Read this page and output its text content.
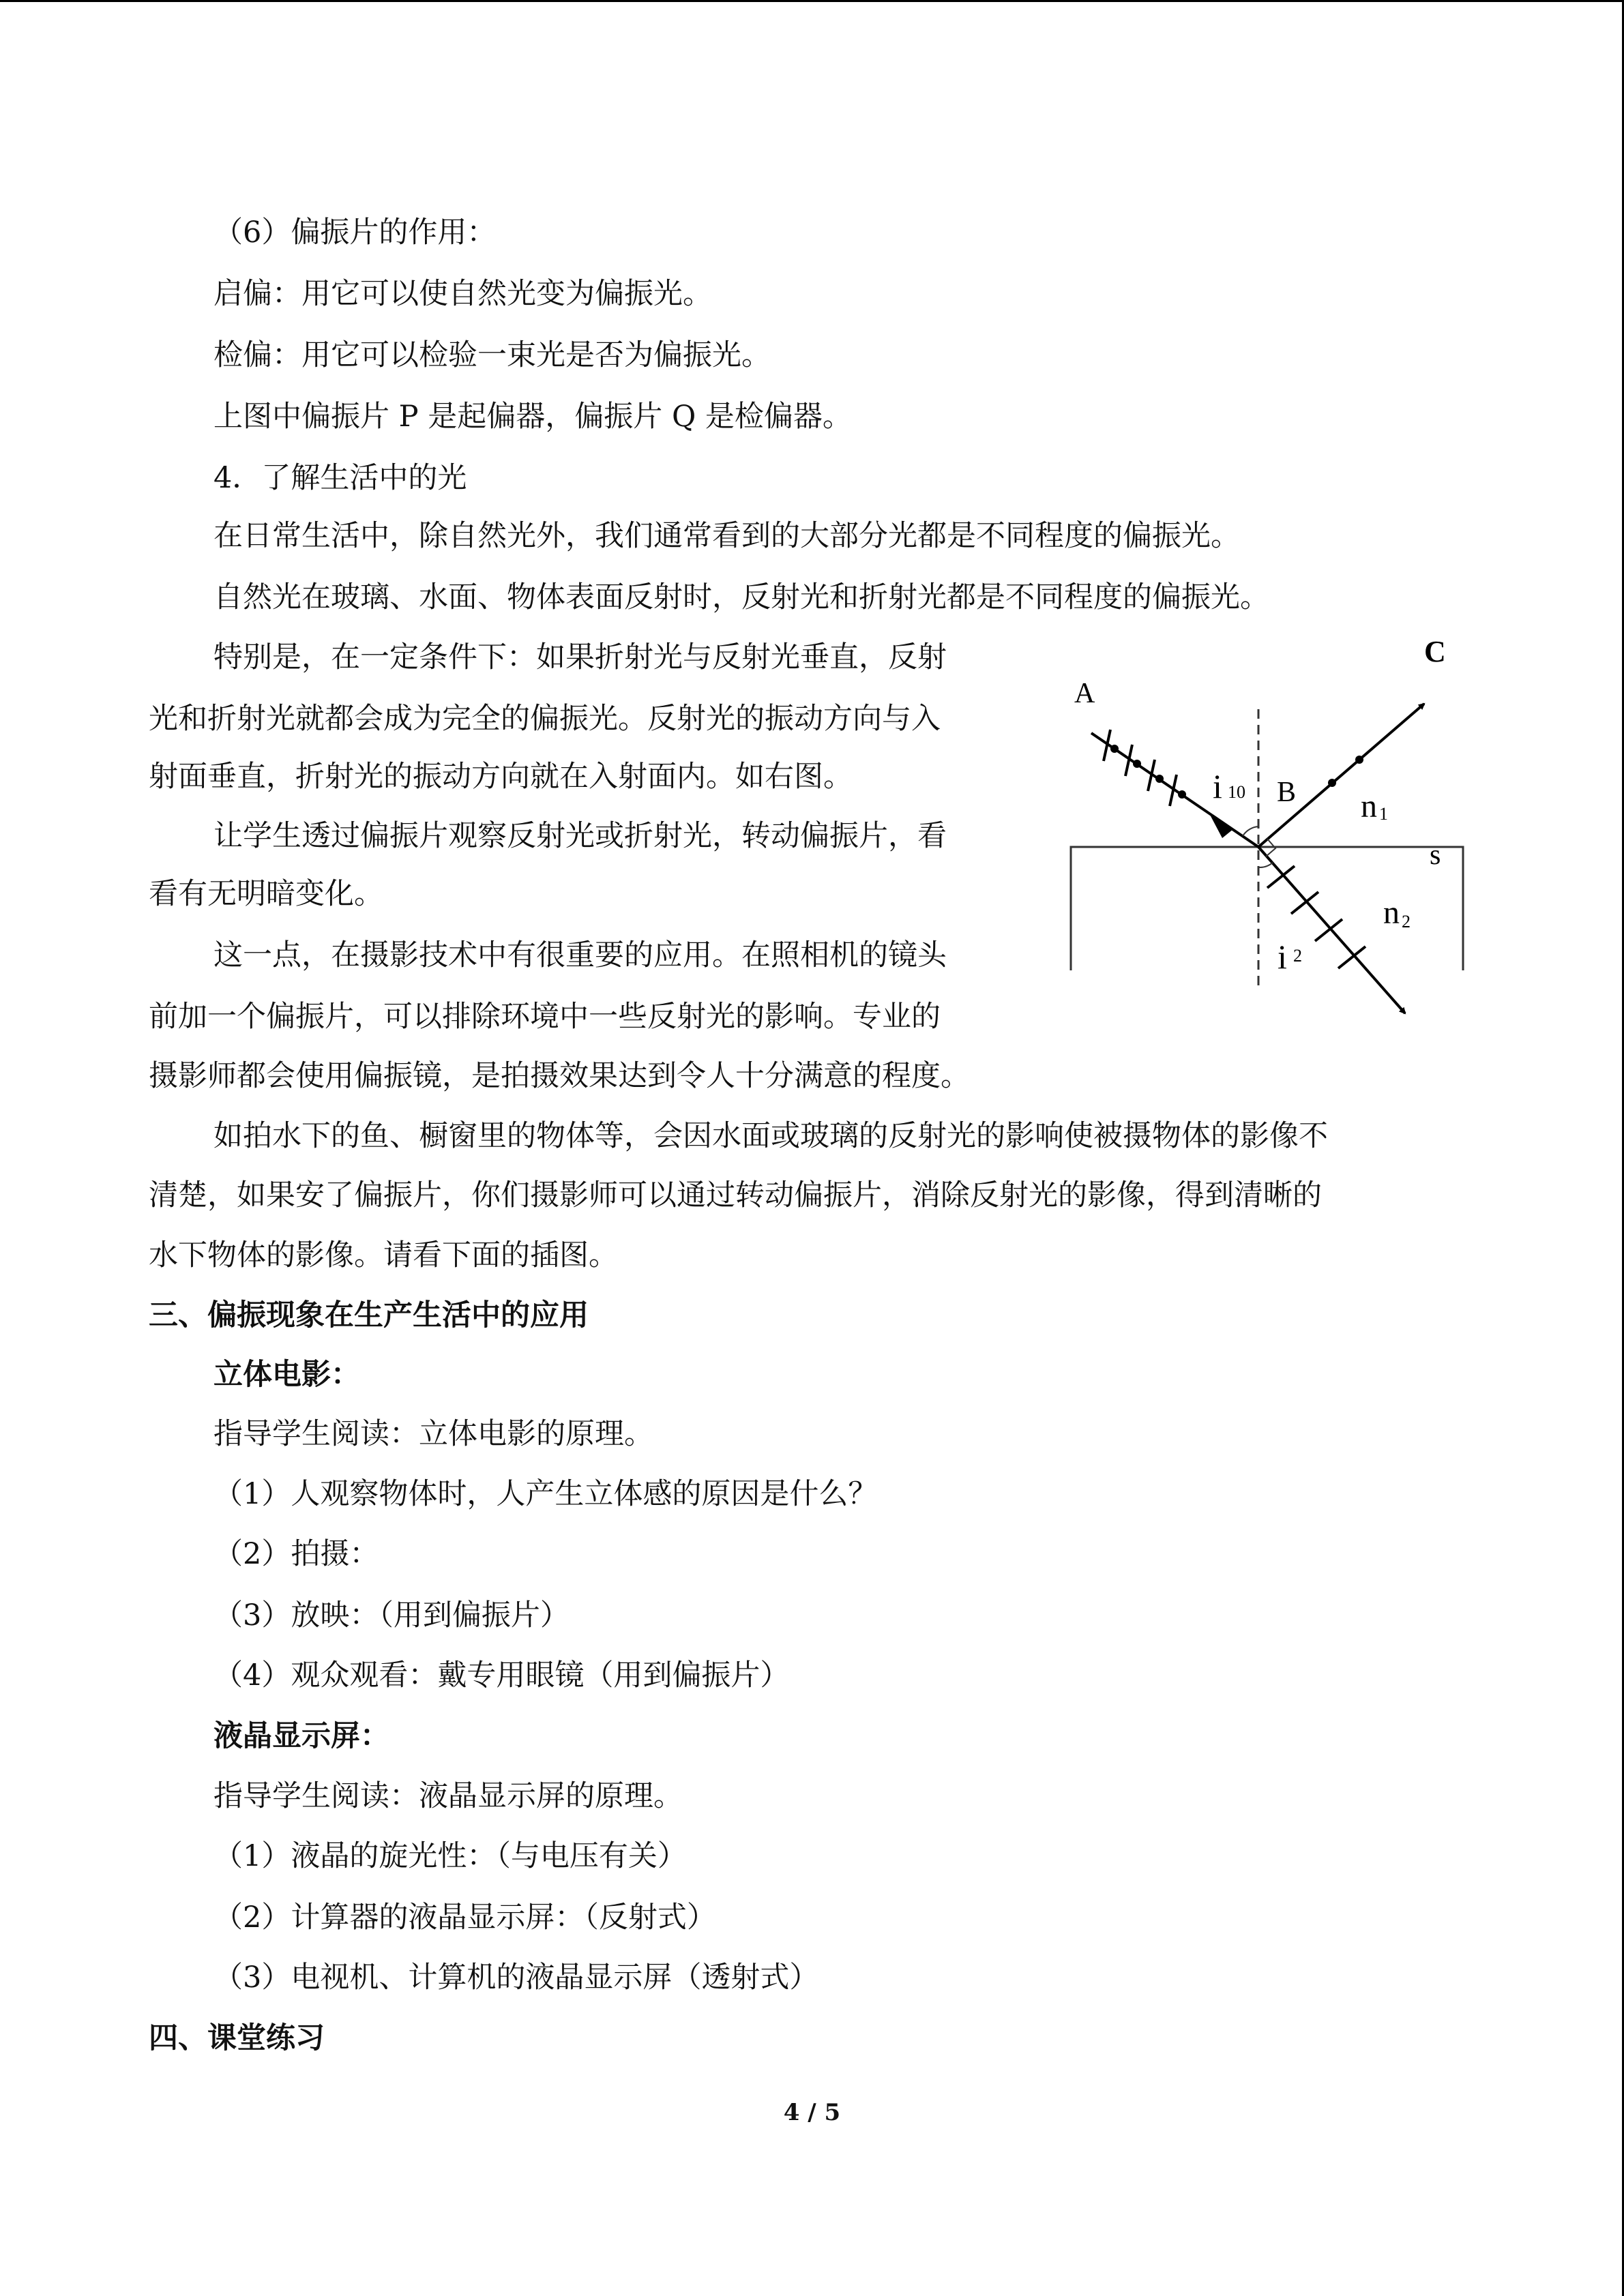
（6）偏振片的作用：

启偏：用它可以使自然光变为偏振光。

检偏：用它可以检验一束光是否为偏振光。

上图中偏振片 P 是起偏器，偏振片 Q 是检偏器。

4．了解生活中的光

在日常生活中，除自然光外，我们通常看到的大部分光都是不同程度的偏振光。

自然光在玻璃、水面、物体表面反射时，反射光和折射光都是不同程度的偏振光。

特别是，在一定条件下：如果折射光与反射光垂直，反射

光和折射光就都会成为完全的偏振光。反射光的振动方向与入

射面垂直，折射光的振动方向就在入射面内。如右图。

让学生透过偏振片观察反射光或折射光，转动偏振片，看

看有无明暗变化。

这一点，在摄影技术中有很重要的应用。在照相机的镜头

前加一个偏振片，可以排除环境中一些反射光的影响。专业的

摄影师都会使用偏振镜，是拍摄效果达到令人十分满意的程度。

如拍水下的鱼、橱窗里的物体等，会因水面或玻璃的反射光的影响使被摄物体的影像不

清楚，如果安了偏振片，你们摄影师可以通过转动偏振片，消除反射光的影像，得到清晰的

水下物体的影像。请看下面的插图。

三、偏振现象在生产生活中的应用

立体电影：

指导学生阅读：立体电影的原理。

（1）人观察物体时，人产生立体感的原因是什么？

（2）拍摄：

（3）放映：（用到偏振片）

（4）观众观看：戴专用眼镜（用到偏振片）

液晶显示屏：

指导学生阅读：液晶显示屏的原理。

（1）液晶的旋光性：（与电压有关）

（2）计算器的液晶显示屏：（反射式）

（3）电视机、计算机的液晶显示屏（透射式）

四、课堂练习

A
C
B
s
i 10
i 2
n 1
n 2
4 / 5
